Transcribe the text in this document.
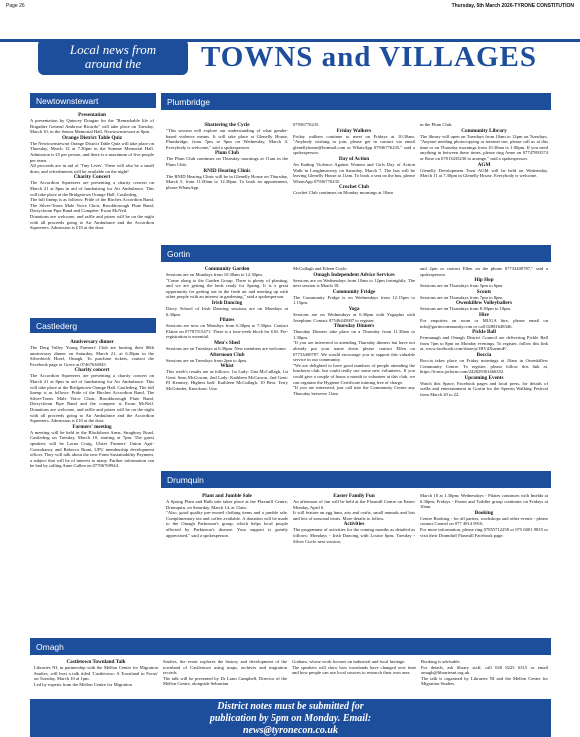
Page 26	Thursday, 5th March 2026-TYRONE CONSTITUTION
Local news from
around the	TOWNS and VILLAGES
Newtownstewart
Presentation
A presentation by Quincey Dougan for the "Remarkable life of Brigadier General Ambrose Ricardo" will take place on Tuesday, March 10, in the Senior Memorial Hall, Newtownstewart at 8pm.
Orange District Table Quiz
The Newtownstewart Orange District Table Quiz will take place on Thursday, March 12 at 7.30pm in the Somme Memorial Hall. Admission is £5 per person, and there is a maximum of five people per team.
All proceeds are in aid of 'Tiny Lives'. There will also be a small draw, and refreshments will be available on the night!
Charity Concert
The Accordion Squeezers are presenting a charity concert on March 21 at 8pm in aid of fundraising for Air Ambulance. This will take place at the Bridgetown Orange Hall, Castlederg.
The full lineup is as follows: Pride of the Birches Accordion Band, The Silver-Tones Male Voice Choir, Brookborough Flute Band, Derrycloran Pipe Band and Compère: Ewan McNeil.
Donations are welcome, and raffle and prizes will be on the night with all proceeds going to Air Ambulance and the Accordion Squeezers. Admission is £10 at the door.
Castlederg
Anniversary dinner
The Derg Valley Young Farmers' Club are hosting their 80th anniversary dinner on Saturday, March 21, at 6.30pm in the Silverbirch Hotel, Omagh. To purchase tickets, contact the Facebook page or Grace at 07467636945.
Charity concert
The Accordion Squeezers are presenting a charity concert on March 21 at 8pm in aid of fundraising for Air Ambulance. This will take place at the Bridgetown Orange Hall, Castlederg. The full lineup is as follows: Pride of the Birches Accordion Band, The Silver-Tones Male Voice Choir, Brookborough Flute Band, Derrycloran Pipe Band and the compere is Ewan McNeil. Donations are welcome, and raffle and prizes will be on the night with all proceeds going to Air Ambulance and the Accordion Squeezers. Admission is £10 at the door.
Farmers' meeting
A meeting will be held in the Blackthorn Arms, Straghroy Road, Castlederg on Tuesday, March 10, starting at 7pm. The guest speakers will be Lorna Craig, Ulster Farmers' Union Agri-Consultancy and Rebecca Brant, UFU membership development officer. They will talk about the new Farm Sustainability Payment, a subject that will be of interest to many. Further information can be had by calling Anne Gallen on 07706769944.
Plumbridge
Shattering the Cycle
"This session will explore our understanding of what gender-based violence means. It will take place at Glenelly House, Plumbridge, from 7pm to 9pm on Wednesday, March 4. Everybody is welcome," said a spokesperson.
Plum Club
The Plum Club continues on Thursday mornings at 11am in the Plum Club.
RNID Hearing Clinic
The RNID Hearing Clinic will be in Glenelly House on Thursday, March 5, from 11.00am to 12.30pm. To book an appointment, please WhatsApp
07936776235.
Friday Walkers
Friday walkers continue to meet on Fridays at 10.30am. "Anybody wishing to join, please get in contact via email glenellyhome@hotmail.com or WhatsApp 07936776235," said a spokesperson.
Day of Action
An Ending Violence Against Women and Girls Day of Action Walk in Loughmacrory on Saturday, March 7. The bus will be leaving Glenelly House at 11am. To book a seat on the bus, please WhatsApp 07936776235.
Crochet Club
Crochet Club continues on Monday mornings at 10am
in the Plum Club.
Community Library
The library will open on Tuesdays from 10am to 12pm on Tuesdays. "Anyone needing photocopying or internet use, please call us at this time or on Thursday mornings from 10.30am to 1.00pm. If you need anything in between these times, please ring Anne on 07747893374 or Rose on 07813435230 to arrange," said a spokesperson.
AGM
Glenelly Development Trust AGM will be held on Wednesday, March 11 at 7.30pm in Glenelly House. Everybody is welcome.
Gortin
Community Garden
Sessions are on Mondays from 10.30am to 12.30pm.
"Come along to the Garden Group. There is plenty of planting, and we are getting the beds ready for Spring. It is a great opportunity for getting out in the fresh air and meeting up with other people with an interest in gardening," said a spokesperson.
Irish Dancing
Darcy School of Irish Dancing sessions are on Mondays at 6.30pm.
Pilates
Sessions are now on Mondays from 6.30pm to 7.30pm. Contact Elaine on 07787515471. There is a four-week block for £30. Pre-registration is essential.
Men's Shed
Sessions are on Tuesdays at 6.30pm. New members are welcome.
Afternoon Club
Sessions are on Tuesdays from 2pm to 4pm.
Whist
This week's results are as follows: 1st Lady: Una McCullagh, 1st Gent: Sean McGowan, 2nd Lady: Kathleen McCarron, 2nd Gent: PJ Kearney, Highest half: Kathleen McCullagh, 10 Best: Terry McGrinder, Knockout: Una
McCullagh and Eileen Coyle.
Omagh Independent Advice Services
Sessions are on Wednesdays from 10am to 12pm fortnightly. The next session is March 18.
Community Fridge
The Community Fridge is on Wednesdays from 12.15pm to 1.15pm.
Yoga
Sessions are on Wednesdays at 6.30pm with Yogaplus with Josephine. Contact 07546445007 to register.
Thursday Dinners
Thursday Dinners take place on a Thursday from 11.30am to 1.30pm.
"If you are interested in attending Thursday dinners but have not already put your name down please contact Ellen on 07733400787. We would encourage you to support this valuable service in our community.
"We are delighted to have good numbers of people attending the luncheon club, but could really use some new volunteers. If you could give a couple of hours a month to volunteer at this club, we can organise the Hygiene Certificate training free of charge.
"If you are interested, just call into the Community Centre any Thursday between 11am
and 2pm or contact Ellen on the phone 07733400787," said a spokesperson.
Hip Hop
Sessions are on Thursdays from 5pm to 6pm.
Scouts
Sessions are on Thursdays from 7pm to 8pm.
Owenkillew Volleyballers
Sessions are on Thursdays from 8.30pm to 10pm.
Hire
For enquiries on room or MUGA hire, please email on info@gortincommunity.com or call 02881648346.
Pickle Ball
Fermanagh and Omagh District Council are delivering Pickle Ball from 7pm to 8pm on Monday evenings. To register, follow this link at, www.facebook.com/share/p/1BVdXuzmuF/.
Boccia
Boccia takes place on Friday mornings at 10am in Owenkillew Community Centre. To register, please follow this link at, https://forms.jotform.com/242829301466352
Upcoming Events
Watch this Space, Facebook pages and local press, for details of walks and entertainment in Gortin for the Sperrin Walking Festival from March 20 to 22.
Drumquin
Plant and Jumble Sale
A Spring Plant and Bulb sale takes place at the Flaxmill Centre, Drumquin, on Saturday, March 14, at 11am.
"Also, good quality pre-owned clothing items and a jumble sale. Complimentary tea and coffee available. A donation will be made to the Omagh Parkinson's group, which helps local people affected by Parkinson's disease. Your support is greatly appreciated," said a spokesperson.
Easter Family Fun
An afternoon of fun will be held at the Flaxmill Centre on Easter Monday, April 6.
It will feature an egg hunt, arts and crafts, small animals and lots and lots of seasonal treats. More details to follow.
Activities
The programme of activities for the coming months as detailed as follows: Mondays - Irish Dancing with Louise 6pm; Tuesday - Silver Circle next session,
March 10 at 1.30pm; Wednesdays - Pilates continues with Imelda at 6.30pm; Fridays - Parent and Toddler group continues on Fridays at 10am.
Booking
Centre Booking - for all parties, workshops and other events - please contact Carmel on 077 4914 9916.
For more information, please ring 07855712258 or 075 6001 9819 or visit their Drumduff Flaxmill Facebook page.
Omagh
Castletown Townland Talk
Libraries NI, in partnership with the Mellon Centre for Migration Studies, will host a talk titled 'Castletown: A Townland in Focus' on Tuesday, March 10 at 1pm.
Led by experts from the Mellon Centre for Migration
Studies, the event explores the history and development of the townland of Castletown using maps, archives and migration records.
The talk will be presented by Dr Liam Campbell, Director of the Mellon Centre, alongside Sebastian
Graham, whose work focuses on industrial and local heritage.
The speakers will show how townlands have changed over time and how people can use local sources to research their own area.
Booking is advisable.
For details, ask library staff, call 028 8225 6315 or email omagh@librariesni.org.uk.
The talk is organised by Libraries NI and the Mellon Centre for Migration Studies.
District notes must be submitted for
publication by 5pm on Monday. Email:
news@tyronecon.co.uk
